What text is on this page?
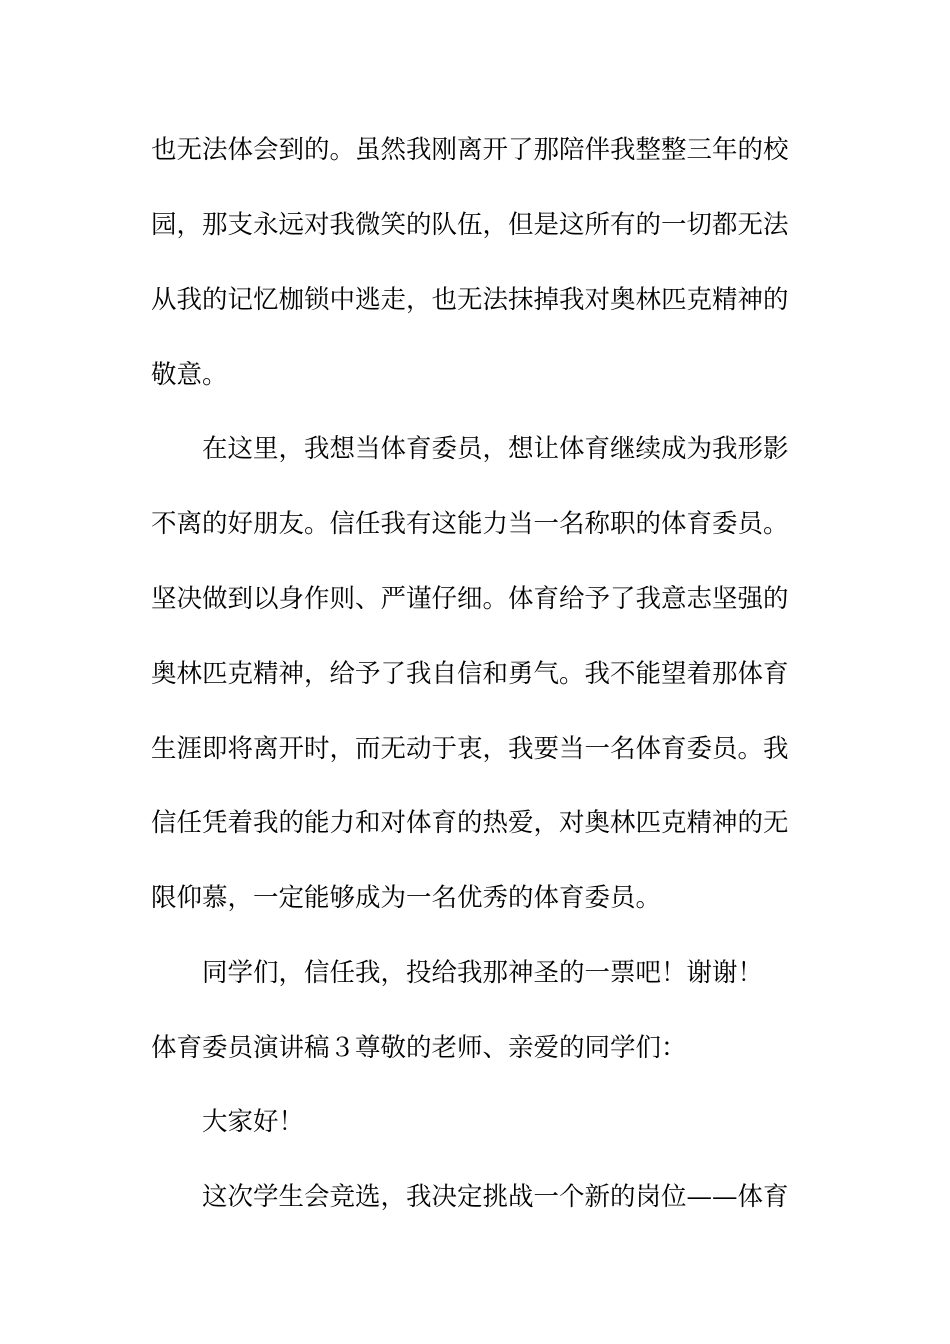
也无法体会到的。虽然我刚离开了那陪伴我整整三年的校
园，那支永远对我微笑的队伍，但是这所有的一切都无法
从我的记忆枷锁中逃走，也无法抹掉我对奥林匹克精神的
敬意。
在这里，我想当体育委员，想让体育继续成为我形影
不离的好朋友。信任我有这能力当一名称职的体育委员。
坚决做到以身作则、严谨仔细。体育给予了我意志坚强的
奥林匹克精神，给予了我自信和勇气。我不能望着那体育
生涯即将离开时，而无动于衷，我要当一名体育委员。我
信任凭着我的能力和对体育的热爱，对奥林匹克精神的无
限仰慕，一定能够成为一名优秀的体育委员。
同学们，信任我，投给我那神圣的一票吧！谢谢！
体育委员演讲稿３尊敬的老师、亲爱的同学们：
大家好！
这次学生会竞选，我决定挑战一个新的岗位——体育
